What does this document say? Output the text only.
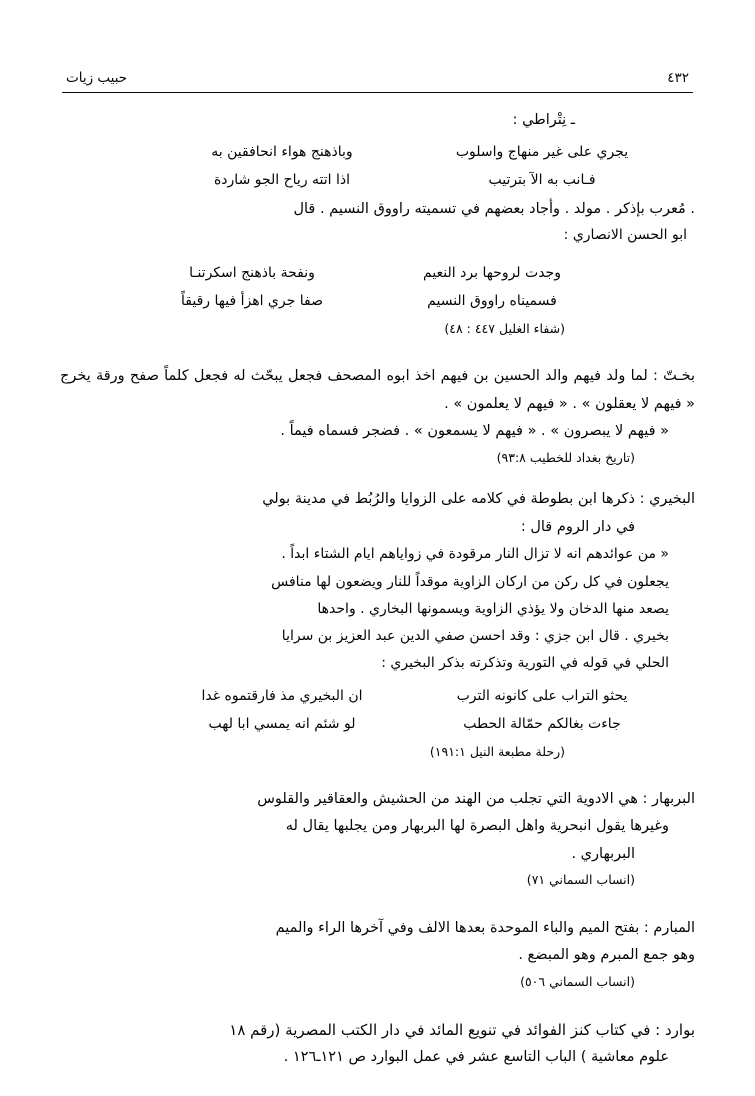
٤٣٢
حبيب زيات
ـ نِتْراطي :
يجري على غير منهاج واسلوب
وباذهنج هواء انحافقين به
فـانب به الآ بترتيب
اذا اتته رياح الجو شاردة
. مُعرب بإذكر . مولد . وأجاد بعضهم في تسميته راووق النسيم . قال
ابو الحسن الانصاري :
وجدت لروحها برد النعيم
ونفحة باذهنج اسكرتنـا
فسميناه راووق النسيم
صفا جري اهزأ فيها رقيقاً
(شفاء الغليل ٤٤٧ : ٤٨)
بخـتّ : لما ولد فيهم والد الحسين بن فيهم اخذ ابوه المصحف فجعل يبحّث له فجعل كلماً صفح ورقة يخرج « فيهم لا يعقلون » . « فيهم لا يعلمون » .
« فيهم لا يبصرون » . « فيهم لا يسمعون » . فضجر فسماه فيماً .
(تاريخ بغداد للخطيب ٩٣:٨)
البخيري : ذكرها ابن بطوطة في كلامه على الزوايا والرُبُط في مدينة بولي
في دار الروم قال :
« من عوائدهم انه لا تزال النار مرقودة في زواياهم ايام الشتاء ابداً .
يجعلون في كل ركن من اركان الزاوية موقداً للنار ويضعون لها منافس
يصعد منها الدخان ولا يؤذي الزاوية ويسمونها البخاري . واحدها
بخيري . قال ابن جزي : وقد احسن صفي الدين عبد العزيز بن سرايا
الحلي في قوله في التورية وتذكرته بذكر البخيري :
يحثو التراب على كانونه الترب
ان البخيري مذ فارقتموه غدا
جاءت بغالكم حمّالة الحطب
لو شئم انه يمسي ابا لهب
(رحلة مطبعة النيل ١٩١:١)
البربهار : هي الادوية التي تجلب من الهند من الحشيش والعقاقير والقلوس
وغيرها يقول انبحرية واهل البصرة لها البربهار ومن يجلبها يقال له
البربهاري .
(انساب السماني ٧١)
المبارم : بفتح الميم والباء الموحدة بعدها الالف وفي آخرها الراء والميم
وهو جمع المبرم وهو المبضع .
(انساب السماني ٥٠٦)
بوارد : في كتاب كنز الفوائد في تنويع المائد في دار الكتب المصرية (رقم ١٨
علوم معاشية ) الباب التاسع عشر في عمل البوارد ص ١٢١ـ١٢٦ .
